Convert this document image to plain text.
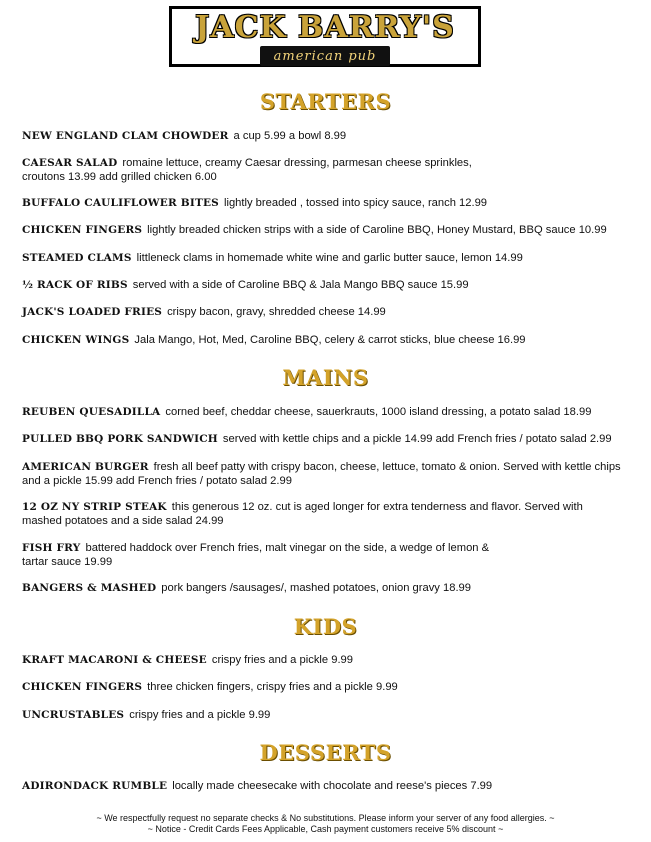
JACK BARRY'S
american pub
STARTERS
NEW ENGLAND CLAM CHOWDER a cup 5.99 a bowl 8.99
CAESAR SALAD romaine lettuce, creamy Caesar dressing, parmesan cheese sprinkles,
croutons 13.99 add grilled chicken 6.00
BUFFALO CAULIFLOWER BITES lightly breaded , tossed into spicy sauce, ranch 12.99
CHICKEN FINGERS lightly breaded chicken strips with a side of Caroline BBQ, Honey Mustard, BBQ sauce 10.99
STEAMED CLAMS littleneck clams in homemade white wine and garlic butter sauce, lemon 14.99
½ RACK OF RIBS served with a side of Caroline BBQ & Jala Mango BBQ sauce 15.99
JACK'S LOADED FRIES crispy bacon, gravy, shredded cheese 14.99
CHICKEN WINGS Jala Mango, Hot, Med, Caroline BBQ, celery & carrot sticks, blue cheese 16.99
MAINS
REUBEN QUESADILLA corned beef, cheddar cheese, sauerkrauts, 1000 island dressing, a potato salad 18.99
PULLED BBQ PORK SANDWICH served with kettle chips and a pickle 14.99 add French fries / potato salad 2.99
AMERICAN BURGER fresh all beef patty with crispy bacon, cheese, lettuce, tomato & onion. Served with kettle chips
and a pickle 15.99 add French fries / potato salad 2.99
12 OZ NY STRIP STEAK this generous 12 oz. cut is aged longer for extra tenderness and flavor. Served with
mashed potatoes and a side salad 24.99
FISH FRY battered haddock over French fries, malt vinegar on the side, a wedge of lemon &
tartar sauce 19.99
BANGERS & MASHED pork bangers /sausages/, mashed potatoes, onion gravy 18.99
KIDS
KRAFT MACARONI & CHEESE crispy fries and a pickle 9.99
CHICKEN FINGERS three chicken fingers, crispy fries and a pickle 9.99
UNCRUSTABLES crispy fries and a pickle 9.99
DESSERTS
ADIRONDACK RUMBLE locally made cheesecake with chocolate and reese's pieces 7.99
~ We respectfully request no separate checks & No substitutions. Please inform your server of any food allergies. ~
~ Notice - Credit Cards Fees Applicable, Cash payment customers receive 5% discount ~
